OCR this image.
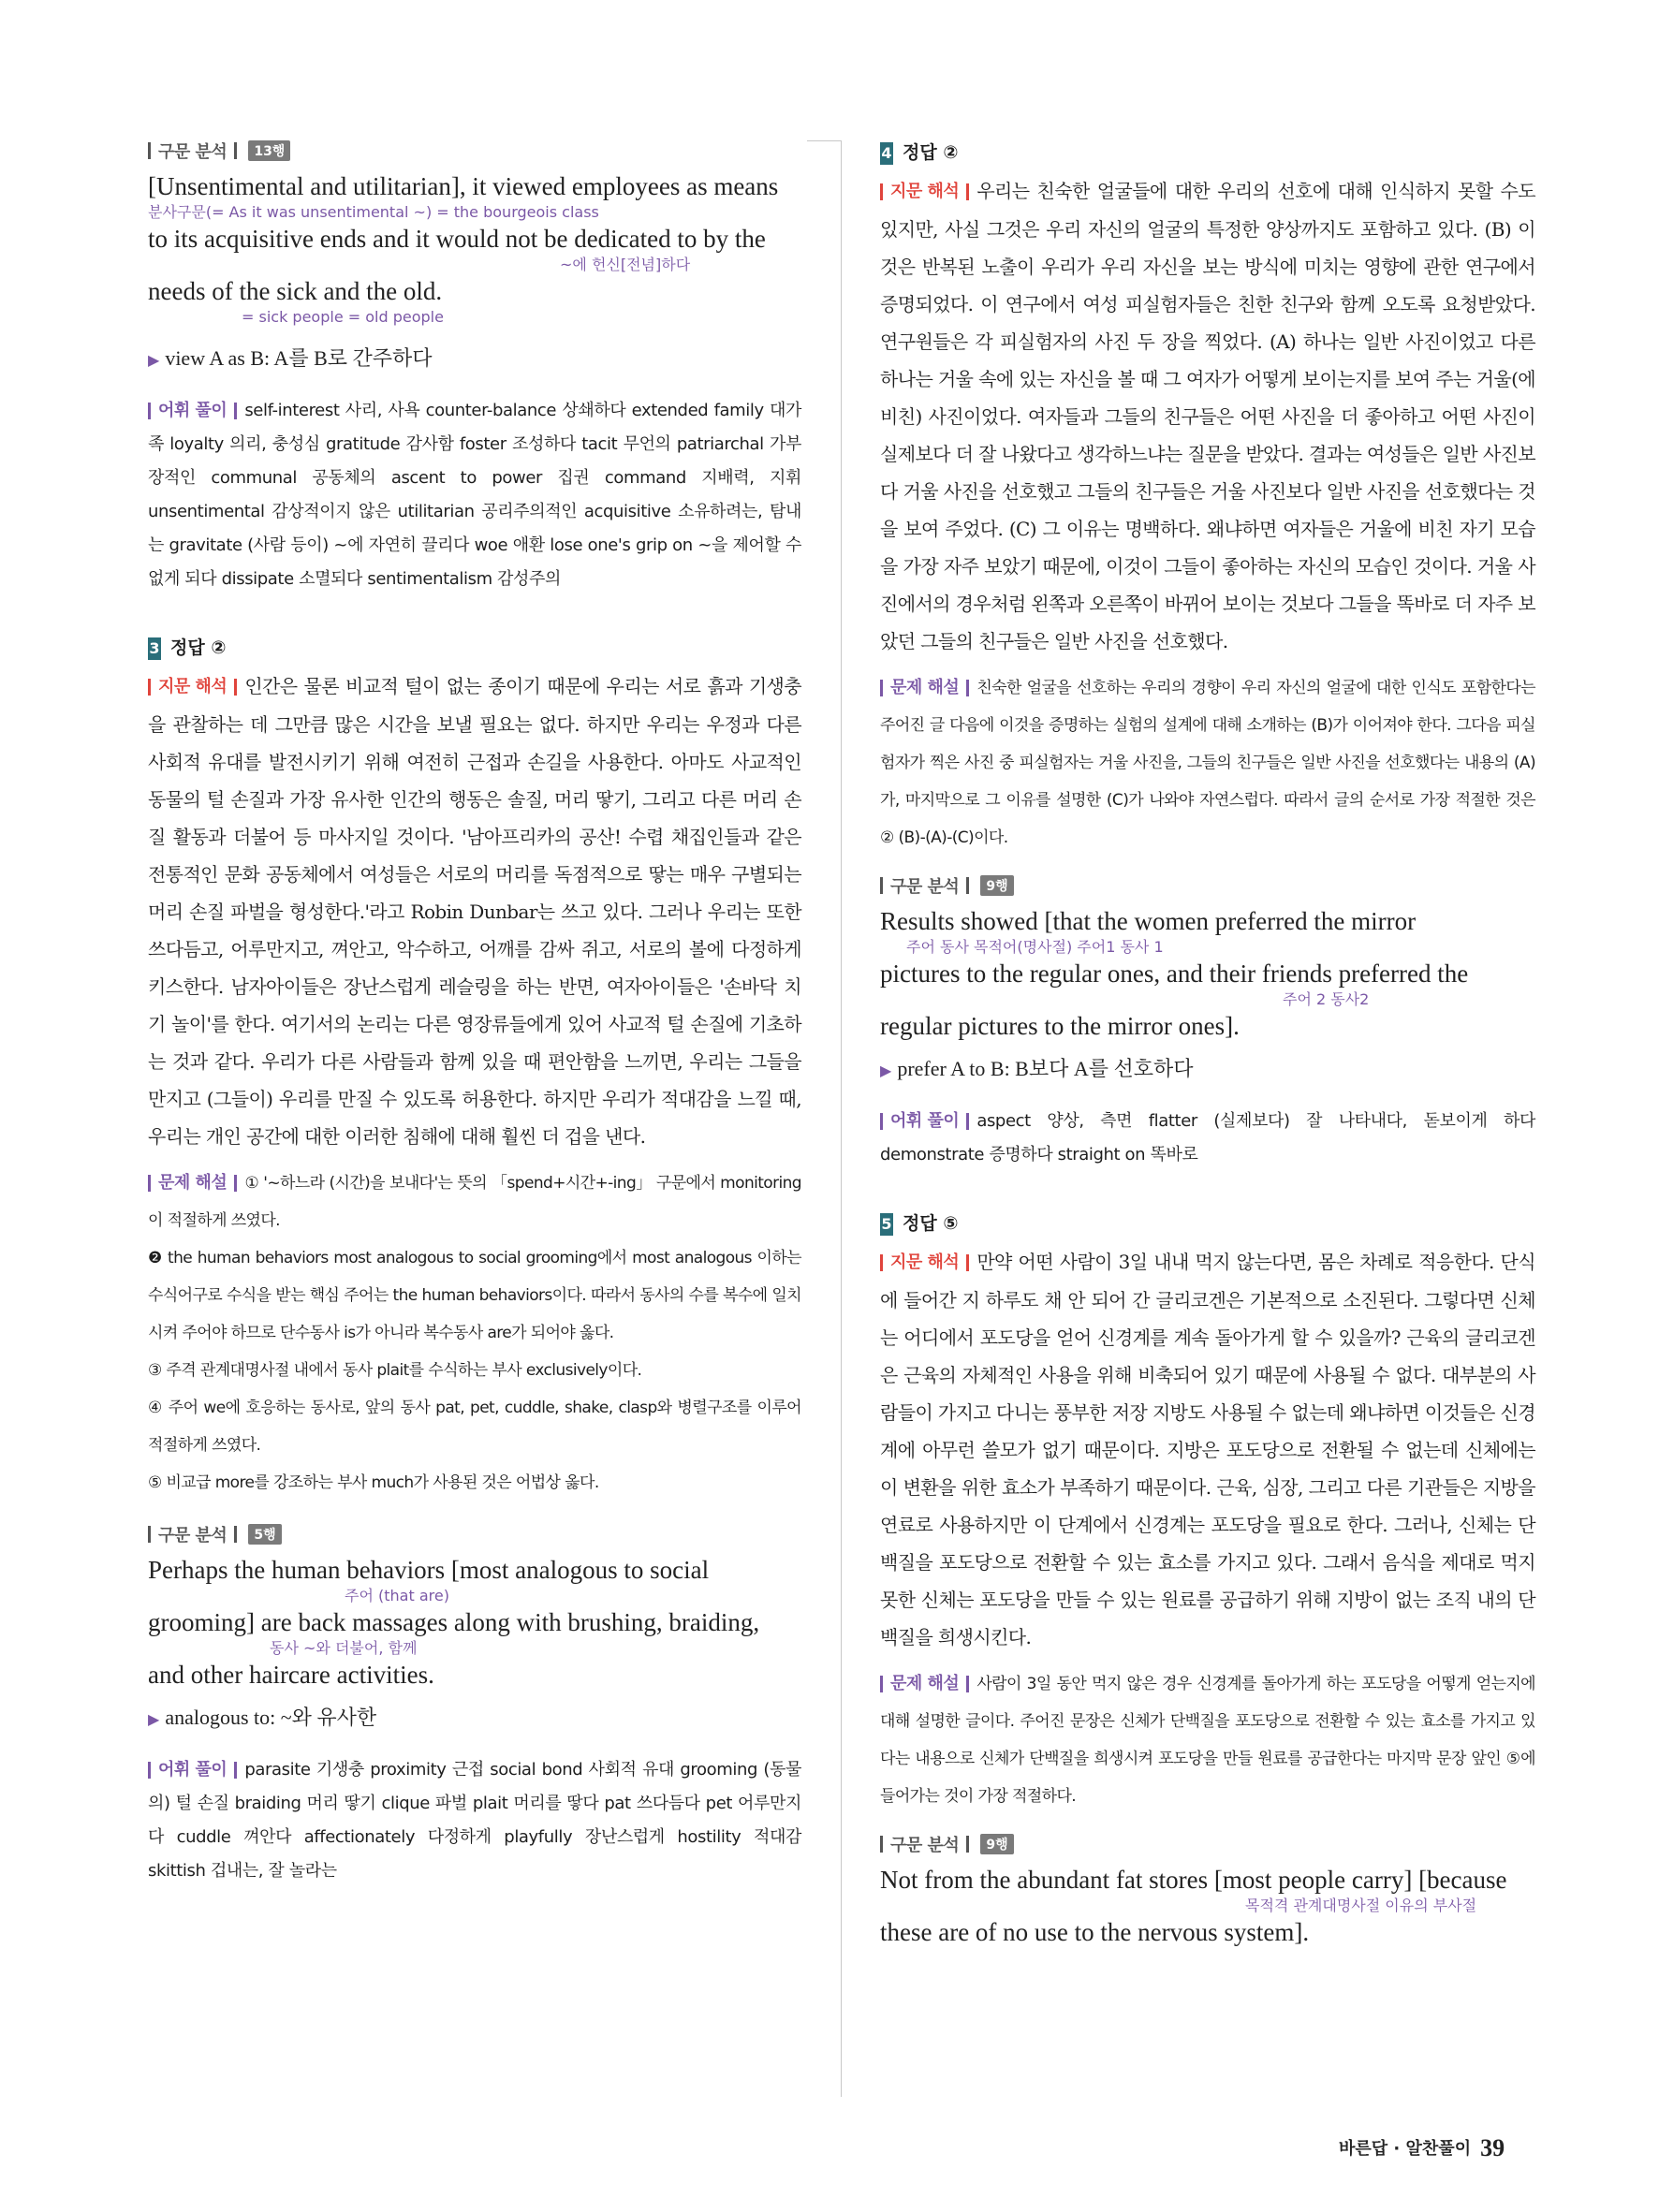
구문 분석 13행
[Unsentimental and utilitarian], it viewed employees as means
분사구문(= As it was unsentimental ~) = the bourgeois class
to its acquisitive ends and it would not be dedicated to by the
~에 헌신[전념]하다
needs of the sick and the old.
= sick people = old people
▶ view A as B: A를 B로 간주하다
어휘 풀이 self-interest 사리, 사욕 counter-balance 상쇄하다 extended family 대가족 loyalty 의리, 충성심 gratitude 감사함 foster 조성하다 tacit 무언의 patriarchal 가부장적인 communal 공동체의 ascent to power 집권 command 지배력, 지휘 unsentimental 감상적이지 않은 utilitarian 공리주의적인 acquisitive 소유하려는, 탐내는 gravitate (사람 등이) ~에 자연히 끌리다 woe 애환 lose one's grip on ~을 제어할 수 없게 되다 dissipate 소멸되다 sentimentalism 감성주의
3 정답 ②
지문 해석 인간은 물론 비교적 털이 없는 종이기 때문에 우리는 서로 흙과 기생충을 관찰하는 데 그만큼 많은 시간을 보낼 필요는 없다. 하지만 우리는 우정과 다른 사회적 유대를 발전시키기 위해 여전히 근접과 손길을 사용한다. 아마도 사교적인 동물의 털 손질과 가장 유사한 인간의 행동은 솔질, 머리 땋기, 그리고 다른 머리 손질 활동과 더불어 등 마사지일 것이다. '남아프리카의 공산! 수렵 채집인들과 같은 전통적인 문화 공동체에서 여성들은 서로의 머리를 독점적으로 땋는 매우 구별되는 머리 손질 파벌을 형성한다.'라고 Robin Dunbar는 쓰고 있다. 그러나 우리는 또한 쓰다듬고, 어루만지고, 껴안고, 악수하고, 어깨를 감싸 쥐고, 서로의 볼에 다정하게 키스한다. 남자아이들은 장난스럽게 레슬링을 하는 반면, 여자아이들은 '손바닥 치기 놀이'를 한다. 여기서의 논리는 다른 영장류들에게 있어 사교적 털 손질에 기초하는 것과 같다. 우리가 다른 사람들과 함께 있을 때 편안함을 느끼면, 우리는 그들을 만지고 (그들이) 우리를 만질 수 있도록 허용한다. 하지만 우리가 적대감을 느낄 때, 우리는 개인 공간에 대한 이러한 침해에 대해 훨씬 더 겁을 낸다.

문제 해설 ① '~하느라 (시간)을 보내다'는 뜻의 「spend+시간+-ing」 구문에서 monitoring이 적절하게 쓰였다.

❷ the human behaviors most analogous to social grooming에서 most analogous 이하는 수식어구로 수식을 받는 핵심 주어는 the human behaviors이다. 따라서 동사의 수를 복수에 일치시켜 주어야 하므로 단수동사 is가 아니라 복수동사 are가 되어야 옳다.

③ 주격 관계대명사절 내에서 동사 plait를 수식하는 부사 exclusively이다.

④ 주어 we에 호응하는 동사로, 앞의 동사 pat, pet, cuddle, shake, clasp와 병렬구조를 이루어 적절하게 쓰였다.

⑤ 비교급 more를 강조하는 부사 much가 사용된 것은 어법상 옳다.

구문 분석 5행
Perhaps the human behaviors [most analogous to social
주어 (that are)
grooming] are back massages along with brushing, braiding,
동사 ~와 더불어, 함께
and other haircare activities.
▶ analogous to: ~와 유사한
어휘 풀이 parasite 기생충 proximity 근접 social bond 사회적 유대 grooming (동물의) 털 손질 braiding 머리 땋기 clique 파벌 plait 머리를 땋다 pat 쓰다듬다 pet 어루만지다 cuddle 껴안다 affectionately 다정하게 playfully 장난스럽게 hostility 적대감 skittish 겁내는, 잘 놀라는
4 정답 ②
지문 해석 우리는 친숙한 얼굴들에 대한 우리의 선호에 대해 인식하지 못할 수도 있지만, 사실 그것은 우리 자신의 얼굴의 특정한 양상까지도 포함하고 있다. (B) 이것은 반복된 노출이 우리가 우리 자신을 보는 방식에 미치는 영향에 관한 연구에서 증명되었다. 이 연구에서 여성 피실험자들은 친한 친구와 함께 오도록 요청받았다. 연구원들은 각 피실험자의 사진 두 장을 찍었다. (A) 하나는 일반 사진이었고 다른 하나는 거울 속에 있는 자신을 볼 때 그 여자가 어떻게 보이는지를 보여 주는 거울(에 비친) 사진이었다. 여자들과 그들의 친구들은 어떤 사진을 더 좋아하고 어떤 사진이 실제보다 더 잘 나왔다고 생각하느냐는 질문을 받았다. 결과는 여성들은 일반 사진보다 거울 사진을 선호했고 그들의 친구들은 거울 사진보다 일반 사진을 선호했다는 것을 보여 주었다. (C) 그 이유는 명백하다. 왜냐하면 여자들은 거울에 비친 자기 모습을 가장 자주 보았기 때문에, 이것이 그들이 좋아하는 자신의 모습인 것이다. 거울 사진에서의 경우처럼 왼쪽과 오른쪽이 바뀌어 보이는 것보다 그들을 똑바로 더 자주 보았던 그들의 친구들은 일반 사진을 선호했다.

문제 해설 친숙한 얼굴을 선호하는 우리의 경향이 우리 자신의 얼굴에 대한 인식도 포함한다는 주어진 글 다음에 이것을 증명하는 실험의 설계에 대해 소개하는 (B)가 이어져야 한다. 그다음 피실험자가 찍은 사진 중 피실험자는 거울 사진을, 그들의 친구들은 일반 사진을 선호했다는 내용의 (A)가, 마지막으로 그 이유를 설명한 (C)가 나와야 자연스럽다. 따라서 글의 순서로 가장 적절한 것은 ② (B)-(A)-(C)이다.

구문 분석 9행
Results showed [that the women preferred the mirror
주어 동사 목적어(명사절) 주어1 동사 1
pictures to the regular ones, and their friends preferred the
주어 2 동사2
regular pictures to the mirror ones].
▶ prefer A to B: B보다 A를 선호하다
어휘 풀이 aspect 양상, 측면 flatter (실제보다) 잘 나타내다, 돋보이게 하다 demonstrate 증명하다 straight on 똑바로
5 정답 ⑤
지문 해석 만약 어떤 사람이 3일 내내 먹지 않는다면, 몸은 차례로 적응한다. 단식에 들어간 지 하루도 채 안 되어 간 글리코겐은 기본적으로 소진된다. 그렇다면 신체는 어디에서 포도당을 얻어 신경계를 계속 돌아가게 할 수 있을까? 근육의 글리코겐은 근육의 자체적인 사용을 위해 비축되어 있기 때문에 사용될 수 없다. 대부분의 사람들이 가지고 다니는 풍부한 저장 지방도 사용될 수 없는데 왜냐하면 이것들은 신경계에 아무런 쓸모가 없기 때문이다. 지방은 포도당으로 전환될 수 없는데 신체에는 이 변환을 위한 효소가 부족하기 때문이다. 근육, 심장, 그리고 다른 기관들은 지방을 연료로 사용하지만 이 단계에서 신경계는 포도당을 필요로 한다. 그러나, 신체는 단백질을 포도당으로 전환할 수 있는 효소를 가지고 있다. 그래서 음식을 제대로 먹지 못한 신체는 포도당을 만들 수 있는 원료를 공급하기 위해 지방이 없는 조직 내의 단백질을 희생시킨다.

문제 해설 사람이 3일 동안 먹지 않은 경우 신경계를 돌아가게 하는 포도당을 어떻게 얻는지에 대해 설명한 글이다. 주어진 문장은 신체가 단백질을 포도당으로 전환할 수 있는 효소를 가지고 있다는 내용으로 신체가 단백질을 희생시켜 포도당을 만들 원료를 공급한다는 마지막 문장 앞인 ⑤에 들어가는 것이 가장 적절하다.

구문 분석 9행
Not from the abundant fat stores [most people carry] [because
목적격 관계대명사절 이유의 부사절
these are of no use to the nervous system].
바른답 · 알찬풀이 39
